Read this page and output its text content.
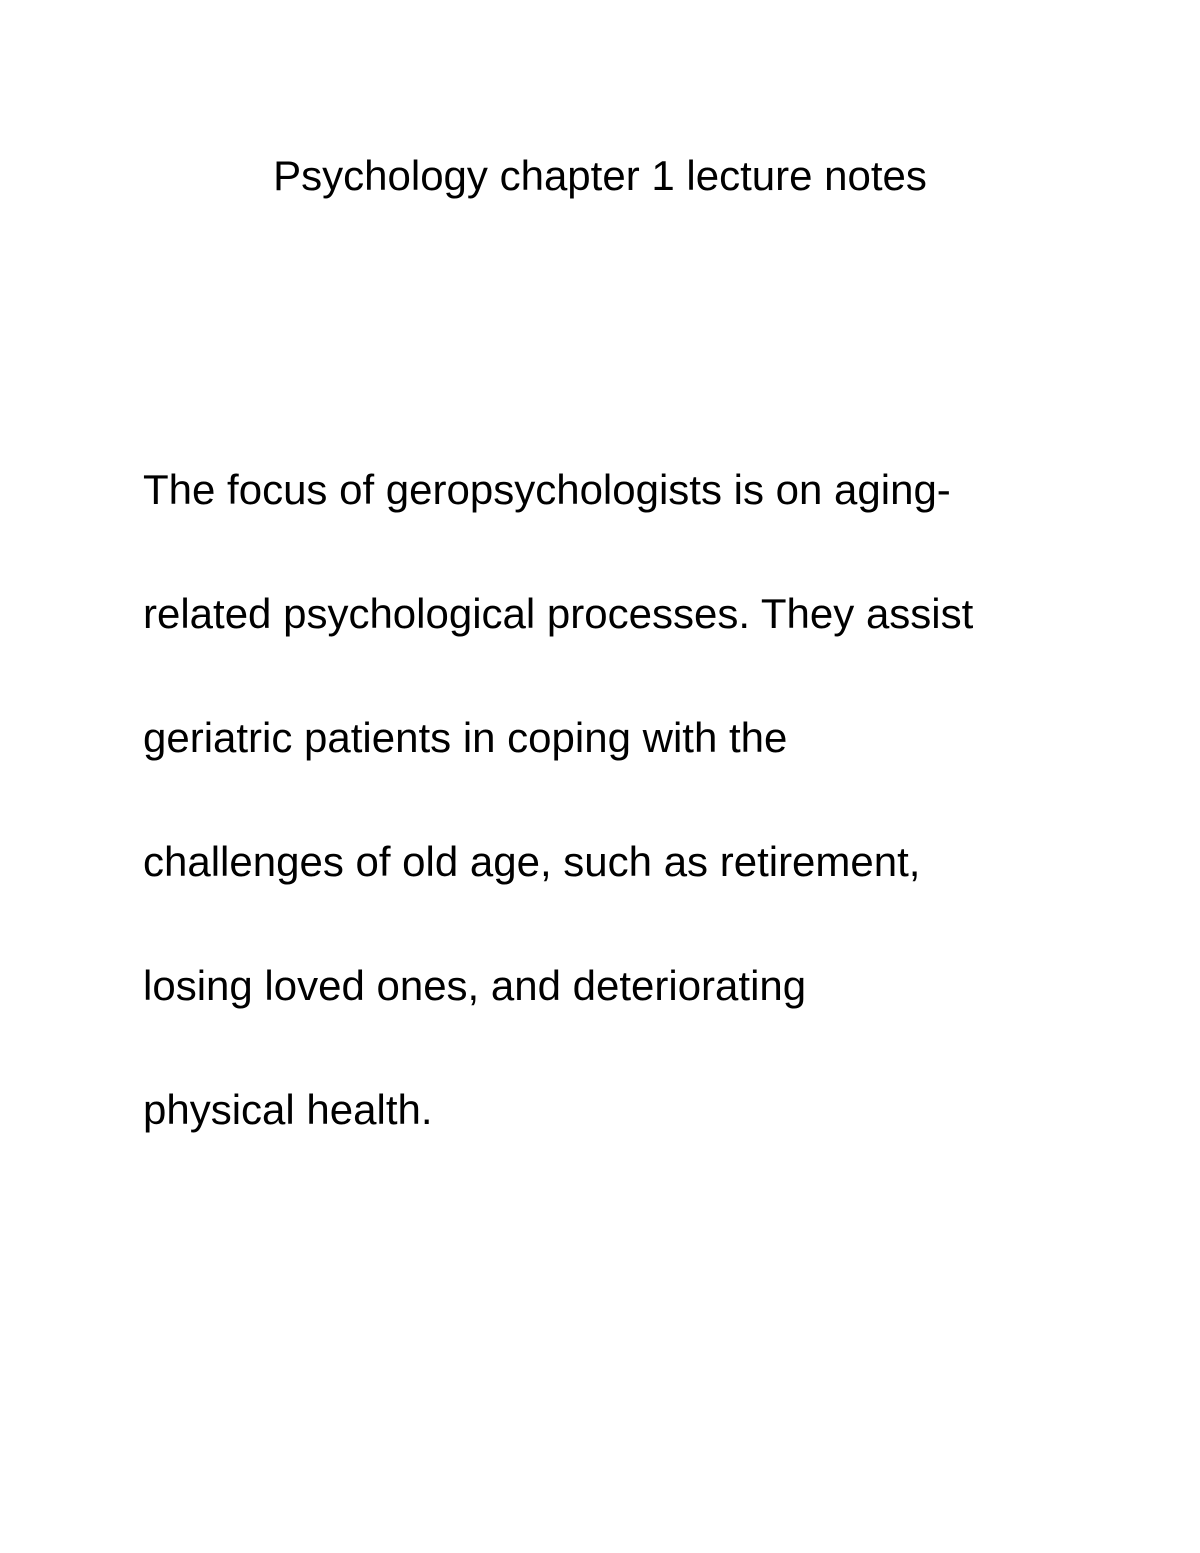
Psychology chapter 1 lecture notes
The focus of geropsychologists is on aging-
related psychological processes. They assist
geriatric patients in coping with the
challenges of old age, such as retirement,
losing loved ones, and deteriorating
physical health.
